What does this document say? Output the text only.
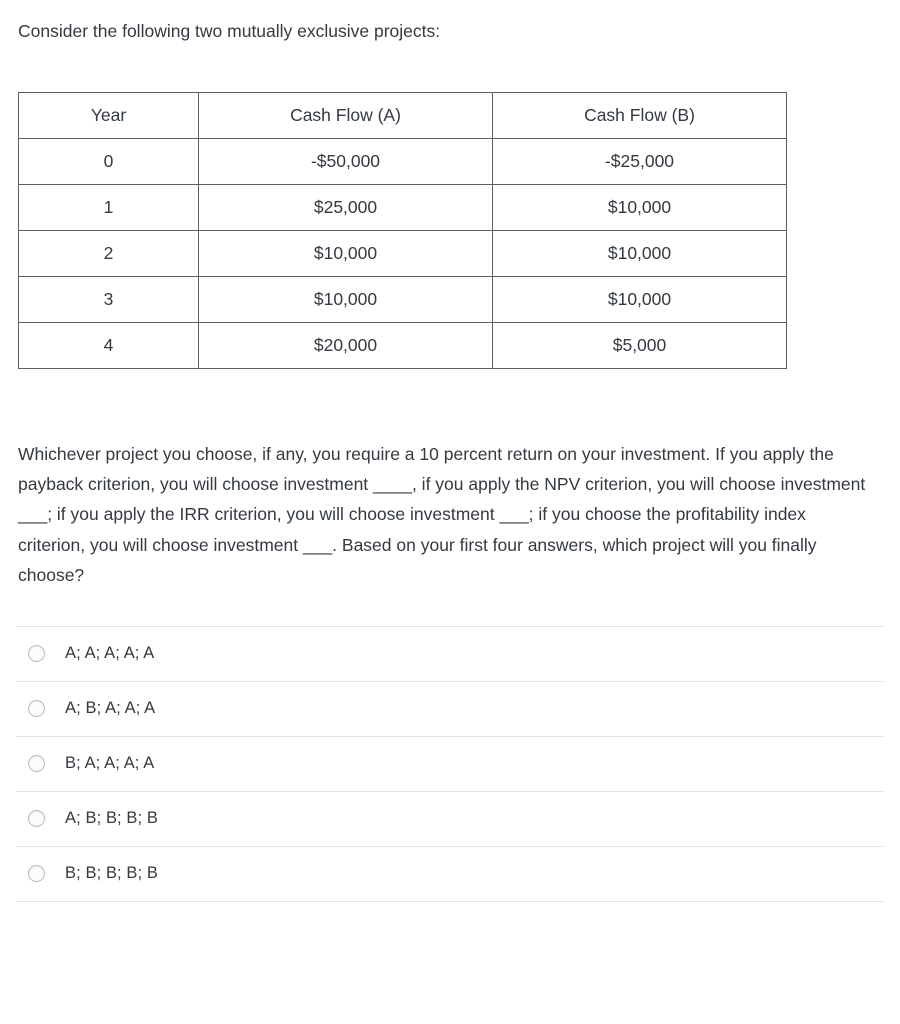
Consider the following two mutually exclusive projects:

Year	Cash Flow (A)	Cash Flow (B)
0	-$50,000	-$25,000
1	$25,000	$10,000
2	$10,000	$10,000
3	$10,000	$10,000
4	$20,000	$5,000

Whichever project you choose, if any, you require a 10 percent return on your investment. If you apply the payback criterion, you will choose investment ____, if you apply the NPV criterion, you will choose investment ___; if you apply the IRR criterion, you will choose investment ___; if you choose the profitability index criterion, you will choose investment ___. Based on your first four answers, which project will you finally choose?

A; A; A; A; A
A; B; A; A; A
B; A; A; A; A
A; B; B; B; B
B; B; B; B; B
